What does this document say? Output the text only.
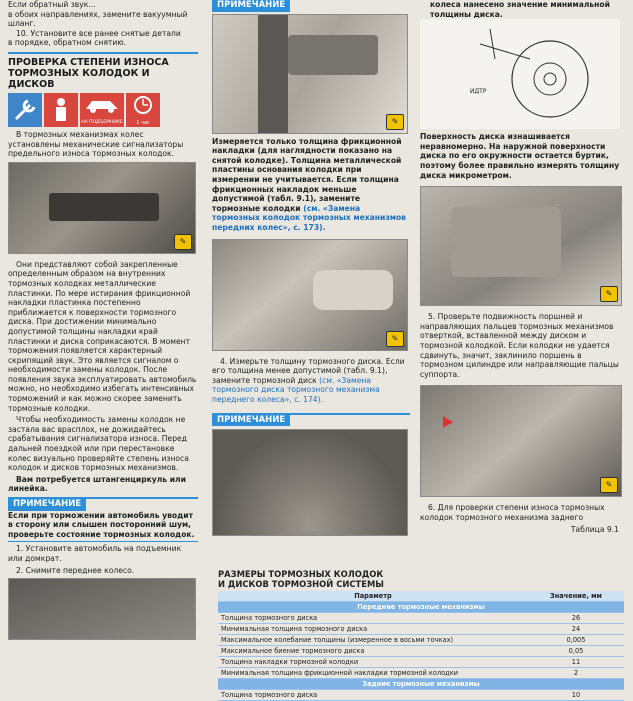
Если обратный звук...
в обоих направлениях, замените вакуумный
шланг.
10. Установите все ранее снятые детали
в порядке, обратном снятию.
ПРОВЕРКА СТЕПЕНИ ИЗНОСА
ТОРМОЗНЫХ КОЛОДОК И ДИСКОВ
НА ПОДЪЕМНИКЕ	1 час

В тормозных механизмах колес установлены механические сигнализаторы предельного износа тормозных колодок.

✎

Они представляют собой закрепленные определенным образом на внутренних тормозных колодках металлические пластинки. По мере истирания фрикционной накладки пластинка постепенно приближается к поверхности тормозного диска. При достижении минимально допустимой толщины накладки край пластинки и диска соприкасаются. В момент торможения появляется характерный скрипящий звук. Это является сигналом о необходимости замены колодок. После появления звука эксплуатировать автомобиль можно, но необходимо избегать интенсивных торможений и как можно скорее заменить тормозные колодки.

Чтобы необходимость замены колодок не застала вас врасплох, не дожидайтесь срабатывания сигнализатора износа. Перед дальней поездкой или при перестановке колес визуально проверяйте степень износа колодок и дисков тормозных механизмов.

Вам потребуется штангенциркуль или линейка.

ПРИМЕЧАНИЕ

Если при торможении автомобиль уводит в сторону или слышен посторонний шум, проверьте состояние тормозных колодок.

1. Установите автомобиль на подъемник или домкрат.

2. Снимите переднее колесо.

ПРИМЕЧАНИЕ
✎
Измеряется только толщина фрикционной накладки (для наглядности показано на снятой колодке). Толщина металлической пластины основания колодки при измерении не учитывается. Если толщина фрикционных накладок меньше допустимой (табл. 9.1), замените тормозные колодки (см. «Замена тормозных колодок тормозных механизмов передних колес», с. 173).
✎
4. Измерьте толщину тормозного диска. Если его толщина менее допустимой (табл. 9.1), замените тормозной диск (см. «Замена тормозного диска тормозного механизма переднего колеса», с. 174).
ПРИМЕЧАНИЕ
колеса нанесено значение минимальной толщины диска.
ИДТР
Поверхность диска изнашивается неравномерно. На наружной поверхности диска по его окружности остается буртик, поэтому более правильно измерять толщину диска микрометром.
✎

5. Проверьте подвижность поршней и направляющих пальцев тормозных механизмов отверткой, вставленной между диском и тормозной колодкой. Если колодки не удается сдвинуть, значит, заклинило поршень в тормозном цилиндре или направляющие пальцы суппорта.

✎

6. Для проверки степени износа тормозных колодок тормозного механизма заднего

Таблица 9.1
РАЗМЕРЫ ТОРМОЗНЫХ КОЛОДОК
И ДИСКОВ ТОРМОЗНОЙ СИСТЕМЫ
Параметр	Значение, мм
Передние тормозные механизмы	
Толщина тормозного диска	26
Минимальная толщина тормозного диска	24
Максимальное колебание толщины (измеренное в восьми точках)	0,005
Максимальное биение тормозного диска	0,05
Толщина накладки тормозной колодки	11
Минимальная толщина фрикционной накладки тормозной колодки	2
Задние тормозные механизмы	
Толщина тормозного диска	10
